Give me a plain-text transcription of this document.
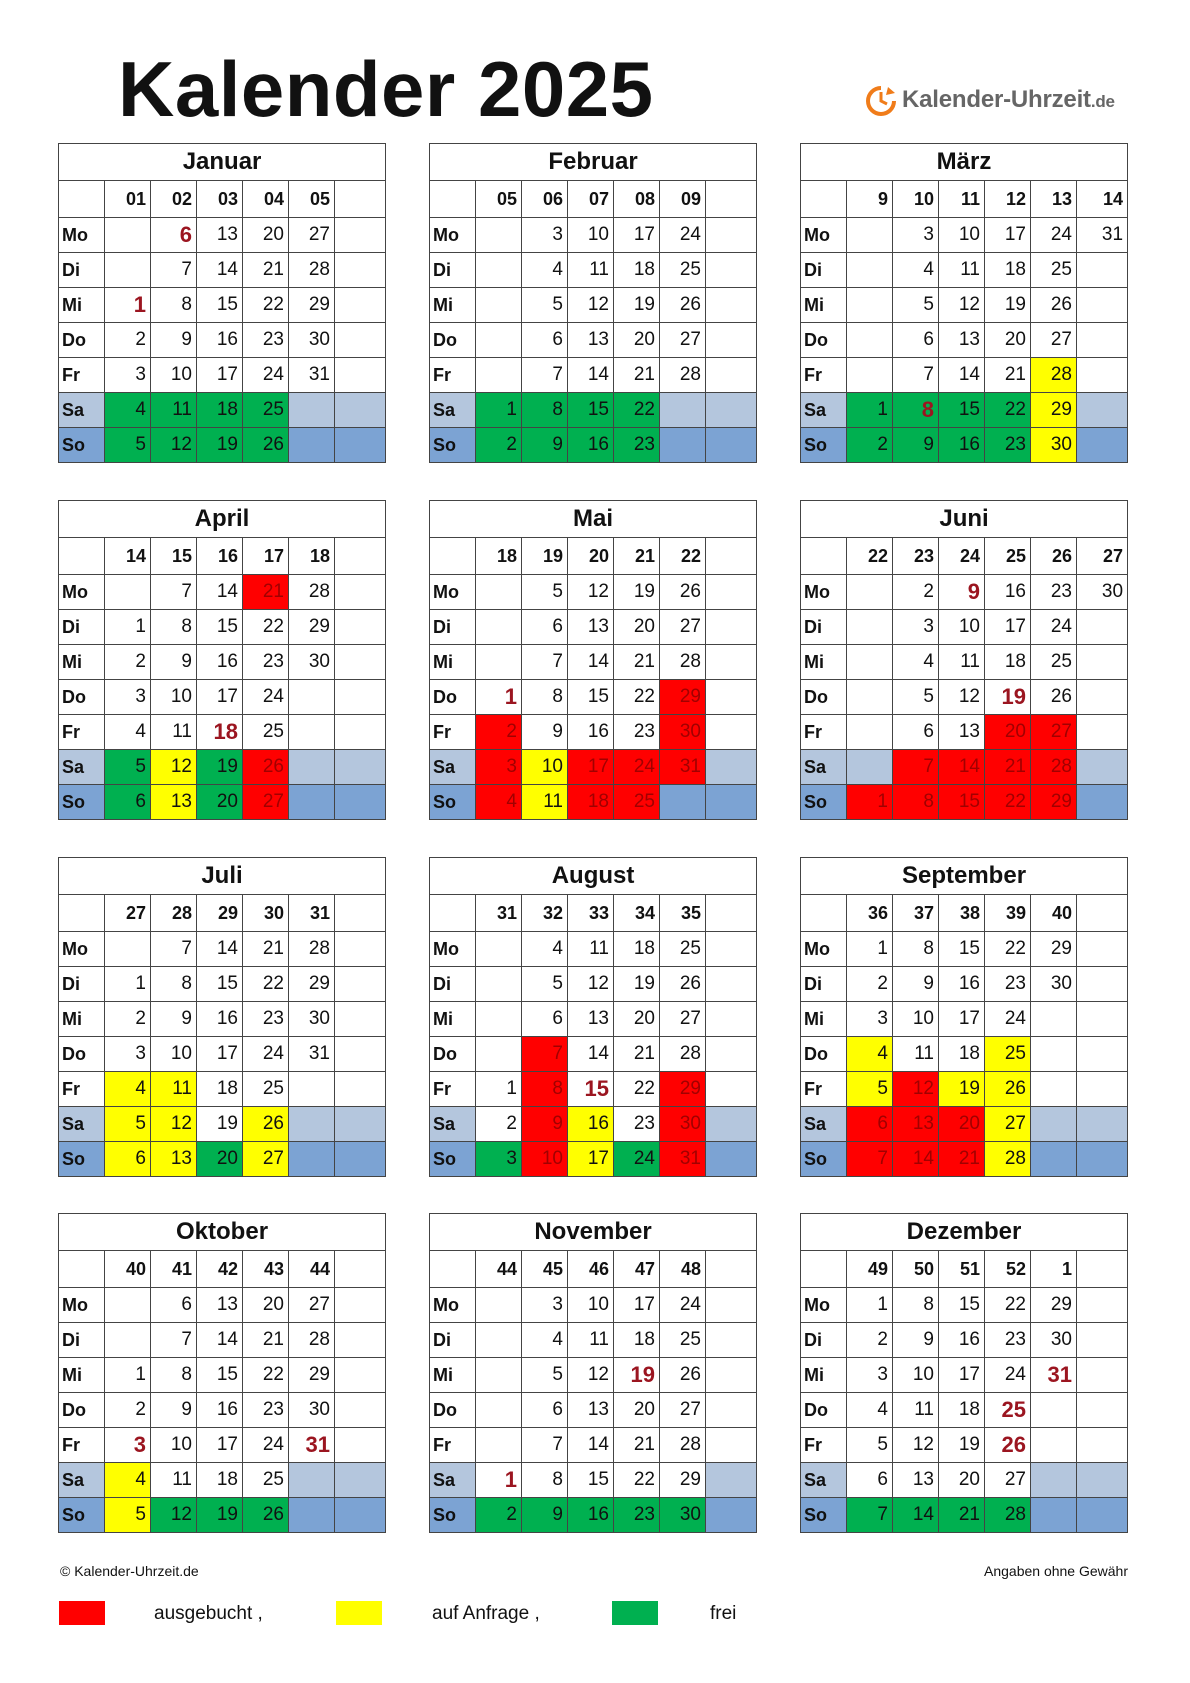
Kalender 2025	Kalender-Uhrzeit.de
Januar						
	01	02	03	04	05	
Mo		6	13	20	27	
Di		7	14	21	28	
Mi	1	8	15	22	29	
Do	2	9	16	23	30	
Fr	3	10	17	24	31	
Sa	4	11	18	25		
So	5	12	19	26		
Februar						
	05	06	07	08	09	
Mo		3	10	17	24	
Di		4	11	18	25	
Mi		5	12	19	26	
Do		6	13	20	27	
Fr		7	14	21	28	
Sa	1	8	15	22		
So	2	9	16	23		
März						
	9	10	11	12	13	14
Mo		3	10	17	24	31
Di		4	11	18	25	
Mi		5	12	19	26	
Do		6	13	20	27	
Fr		7	14	21	28	
Sa	1	8	15	22	29	
So	2	9	16	23	30	
April						
	14	15	16	17	18	
Mo		7	14	21	28	
Di	1	8	15	22	29	
Mi	2	9	16	23	30	
Do	3	10	17	24		
Fr	4	11	18	25		
Sa	5	12	19	26		
So	6	13	20	27		
Mai						
	18	19	20	21	22	
Mo		5	12	19	26	
Di		6	13	20	27	
Mi		7	14	21	28	
Do	1	8	15	22	29	
Fr	2	9	16	23	30	
Sa	3	10	17	24	31	
So	4	11	18	25		
Juni						
	22	23	24	25	26	27
Mo		2	9	16	23	30
Di		3	10	17	24	
Mi		4	11	18	25	
Do		5	12	19	26	
Fr		6	13	20	27	
Sa		7	14	21	28	
So	1	8	15	22	29	
Juli						
	27	28	29	30	31	
Mo		7	14	21	28	
Di	1	8	15	22	29	
Mi	2	9	16	23	30	
Do	3	10	17	24	31	
Fr	4	11	18	25		
Sa	5	12	19	26		
So	6	13	20	27		
August						
	31	32	33	34	35	
Mo		4	11	18	25	
Di		5	12	19	26	
Mi		6	13	20	27	
Do		7	14	21	28	
Fr	1	8	15	22	29	
Sa	2	9	16	23	30	
So	3	10	17	24	31	
September						
	36	37	38	39	40	
Mo	1	8	15	22	29	
Di	2	9	16	23	30	
Mi	3	10	17	24		
Do	4	11	18	25		
Fr	5	12	19	26		
Sa	6	13	20	27		
So	7	14	21	28		
Oktober						
	40	41	42	43	44	
Mo		6	13	20	27	
Di		7	14	21	28	
Mi	1	8	15	22	29	
Do	2	9	16	23	30	
Fr	3	10	17	24	31	
Sa	4	11	18	25		
So	5	12	19	26		
November						
	44	45	46	47	48	
Mo		3	10	17	24	
Di		4	11	18	25	
Mi		5	12	19	26	
Do		6	13	20	27	
Fr		7	14	21	28	
Sa	1	8	15	22	29	
So	2	9	16	23	30	
Dezember						
	49	50	51	52	1	
Mo	1	8	15	22	29	
Di	2	9	16	23	30	
Mi	3	10	17	24	31	
Do	4	11	18	25		
Fr	5	12	19	26		
Sa	6	13	20	27		
So	7	14	21	28		
© Kalender-Uhrzeit.de	Angaben ohne Gewähr
ausgebucht ,	auf Anfrage ,	frei
